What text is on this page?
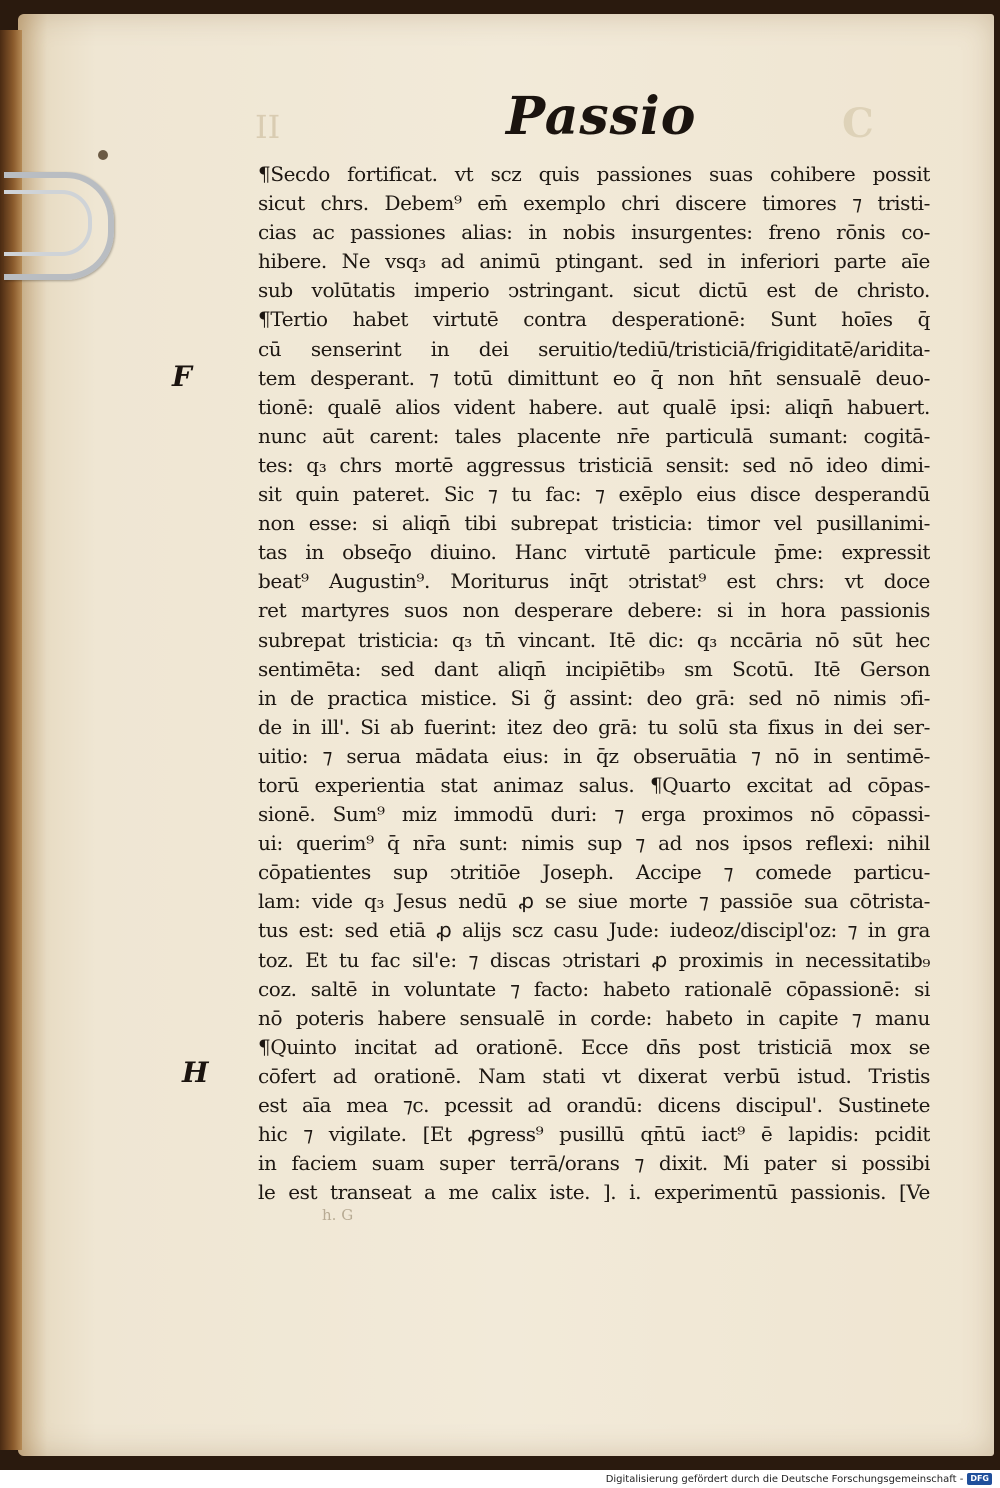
II	C
Passio
F
H
¶Secdo fortificat. vt scz quis passiones suas cohibere possit
sicut chrs. Debem⁹ em̄ exemplo chri discere timores ⁊ tristi-
cias ac passiones alias: in nobis insurgentes: freno rōnis co-
hibere. Ne vsq₃ ad animū ptingant. sed in inferiori parte aīe
sub volūtatis imperio ↄstringant. sicut dictū est de christo.
¶Tertio habet virtutē contra desperationē: Sunt hoīes q̄
cū senserint in dei seruitio/tediū/tristiciā/frigiditatē/aridita-
tem desperant. ⁊ totū dimittunt eo q̄ non hn̄t sensualē deuo-
tionē: qualē alios vident habere. aut qualē ipsi: aliqn̄ habuert.
nunc aūt carent: tales placente nr̄e particulā sumant: cogitā-
tes: q₃ chrs mortē aggressus tristiciā sensit: sed nō ideo dimi-
sit quin pateret. Sic ⁊ tu fac: ⁊ exēplo eius disce desperandū
non esse: si aliqn̄ tibi subrepat tristicia: timor vel pusillanimi-
tas in obseq̄o diuino. Hanc virtutē particule p̄me: expressit
beat⁹ Augustin⁹. Moriturus inq̄t ↄtristat⁹ est chrs: vt doce
ret martyres suos non desperare debere: si in hora passionis
subrepat tristicia: q₃ tn̄ vincant. Itē dic: q₃ nccāria nō sūt hec
sentimēta: sed dant aliqn̄ incipiētib₉ sm Scotū. Itē Gerson
in de practica mistice. Si g̃ assint: deo grā: sed nō nimis ↄfi-
de in ill'. Si ab fuerint: itez deo grā: tu solū sta fixus in dei ser-
uitio: ⁊ serua mādata eius: in q̄z obseruātia ⁊ nō in sentimē-
torū experientia stat animaz salus. ¶Quarto excitat ad cōpas-
sionē. Sum⁹ miz immodū duri: ⁊ erga proximos nō cōpassi-
ui: querim⁹ q̄ nr̄a sunt: nimis sup ⁊ ad nos ipsos reflexi: nihil
cōpatientes sup ↄtritiōe Joseph. Accipe ⁊ comede particu-
lam: vide q₃ Jesus nedū ꝓ se siue morte ⁊ passiōe sua cōtrista-
tus est: sed etiā ꝓ alijs scz casu Jude: iudeoz/discipl'oz: ⁊ in gra
toz. Et tu fac sil'e: ⁊ discas ↄtristari ꝓ proximis in necessitatib₉
coz. saltē in voluntate ⁊ facto: habeto rationalē cōpassionē: si
nō poteris habere sensualē in corde: habeto in capite ⁊ manu
¶Quinto incitat ad orationē. Ecce dn̄s post tristiciā mox se
cōfert ad orationē. Nam stati vt dixerat verbū istud. Tristis
est aīa mea ⁊c. pcessit ad orandū: dicens discipul'. Sustinete
hic ⁊ vigilate. [Et ꝓgress⁹ pusillū qn̄tū iact⁹ ē lapidis: pcidit
in faciem suam super terrā/orans ⁊ dixit. Mi pater si possibi
le est transeat a me calix iste. ]. i. experimentū passionis. [Ve
h. G
Digitalisierung gefördert durch die Deutsche Forschungsgemeinschaft - DFG
